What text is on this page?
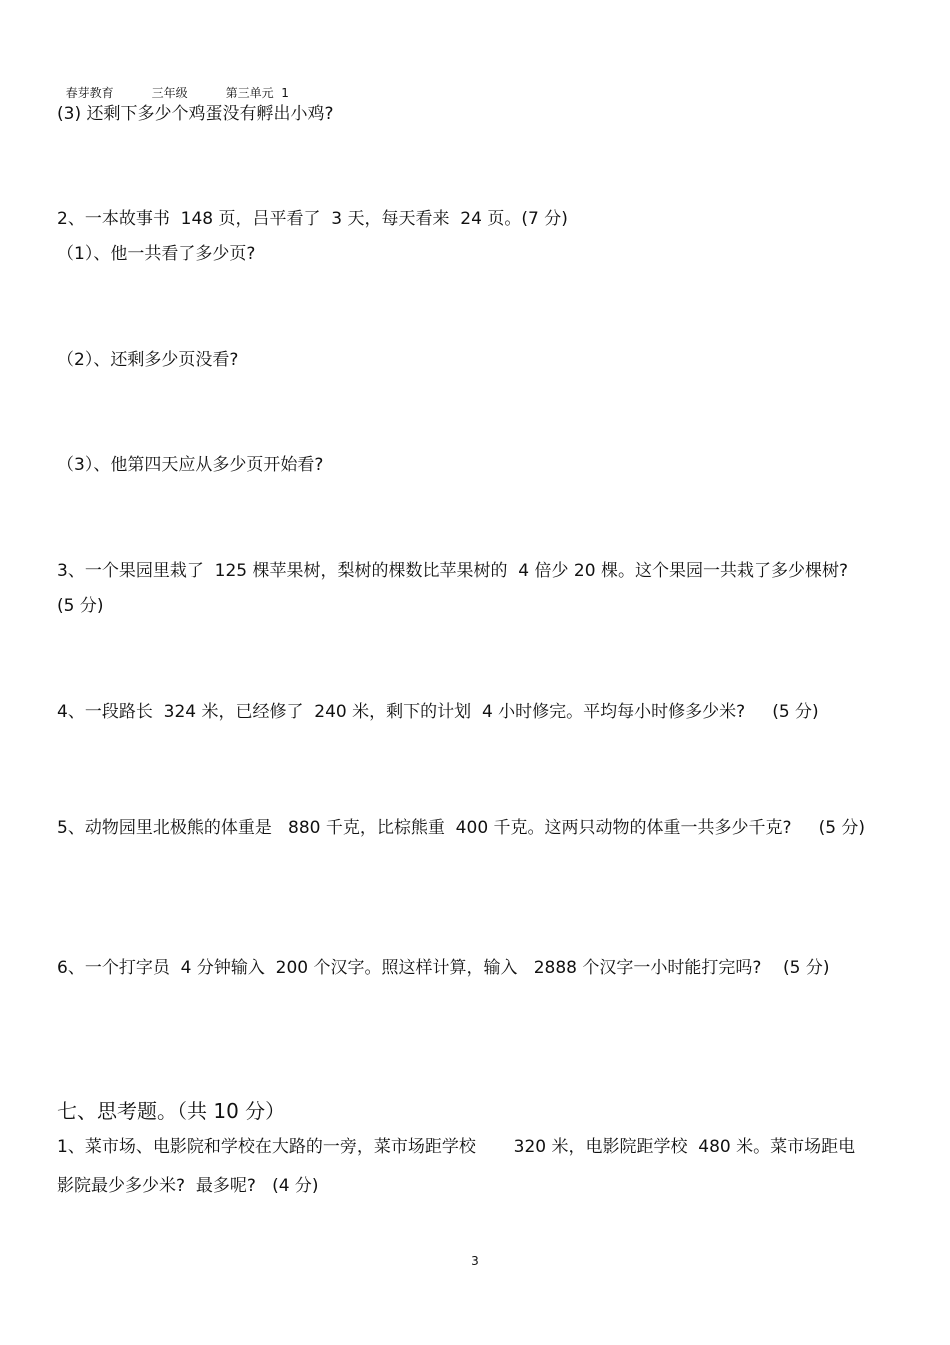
春芽教育	三年级	第三单元  1

(3) 还剩下多少个鸡蛋没有孵出小鸡?
2、一本故事书  148 页，吕平看了  3 天，每天看来  24 页。(7 分)
（1）、他一共看了多少页?
（2）、还剩多少页没看?
（3）、他第四天应从多少页开始看?
3、一个果园里栽了  125 棵苹果树，梨树的棵数比苹果树的  4 倍少 20 棵。这个果园一共栽了多少棵树?
(5 分)
4、一段路长  324 米，已经修了  240 米，剩下的计划  4 小时修完。平均每小时修多少米?     (5 分)
5、动物园里北极熊的体重是   880 千克，比棕熊重  400 千克。这两只动物的体重一共多少千克?     (5 分)
6、一个打字员  4 分钟输入  200 个汉字。照这样计算，输入   2888 个汉字一小时能打完吗?    (5 分)
七、思考题。（共 10 分）
1、菜市场、电影院和学校在大路的一旁，菜市场距学校       320 米，电影院距学校  480 米。菜市场距电
影院最少多少米?  最多呢?   (4 分)
3
